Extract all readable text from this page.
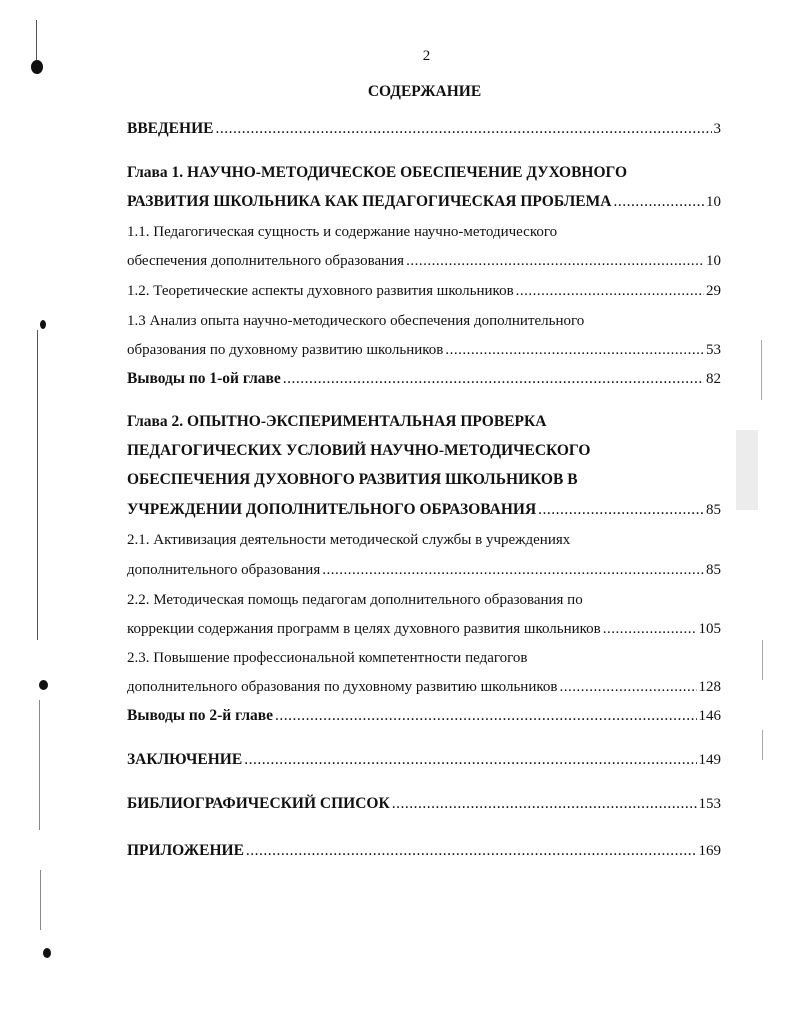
2
СОДЕРЖАНИЕ
ВВЕДЕНИЕ .....	3
Глава 1. НАУЧНО-МЕТОДИЧЕСКОЕ ОБЕСПЕЧЕНИЕ ДУХОВНОГО
РАЗВИТИЯ ШКОЛЬНИКА КАК ПЕДАГОГИЧЕСКАЯ ПРОБЛЕМА .....	10
1.1. Педагогическая сущность и содержание научно-методического
обеспечения дополнительного образования .....	10
1.2. Теоретические аспекты духовного развития школьников .....	29
1.3 Анализ опыта научно-методического обеспечения дополнительного
образования по духовному развитию школьников .....	53
Выводы по 1-ой главе .....	82
Глава 2. ОПЫТНО-ЭКСПЕРИМЕНТАЛЬНАЯ ПРОВЕРКА
ПЕДАГОГИЧЕСКИХ УСЛОВИЙ НАУЧНО-МЕТОДИЧЕСКОГО
ОБЕСПЕЧЕНИЯ ДУХОВНОГО РАЗВИТИЯ ШКОЛЬНИКОВ В
УЧРЕЖДЕНИИ ДОПОЛНИТЕЛЬНОГО ОБРАЗОВАНИЯ .....	85
2.1. Активизация деятельности методической службы в учреждениях
дополнительного образования .....	85
2.2. Методическая помощь педагогам дополнительного образования по
коррекции содержания программ в целях духовного развития школьников .....	105
2.3. Повышение профессиональной компетентности педагогов
дополнительного образования по духовному развитию школьников .....	128
Выводы по 2-й главе .....	146
ЗАКЛЮЧЕНИЕ .....	149
БИБЛИОГРАФИЧЕСКИЙ СПИСОК .....	153
ПРИЛОЖЕНИЕ .....	169
